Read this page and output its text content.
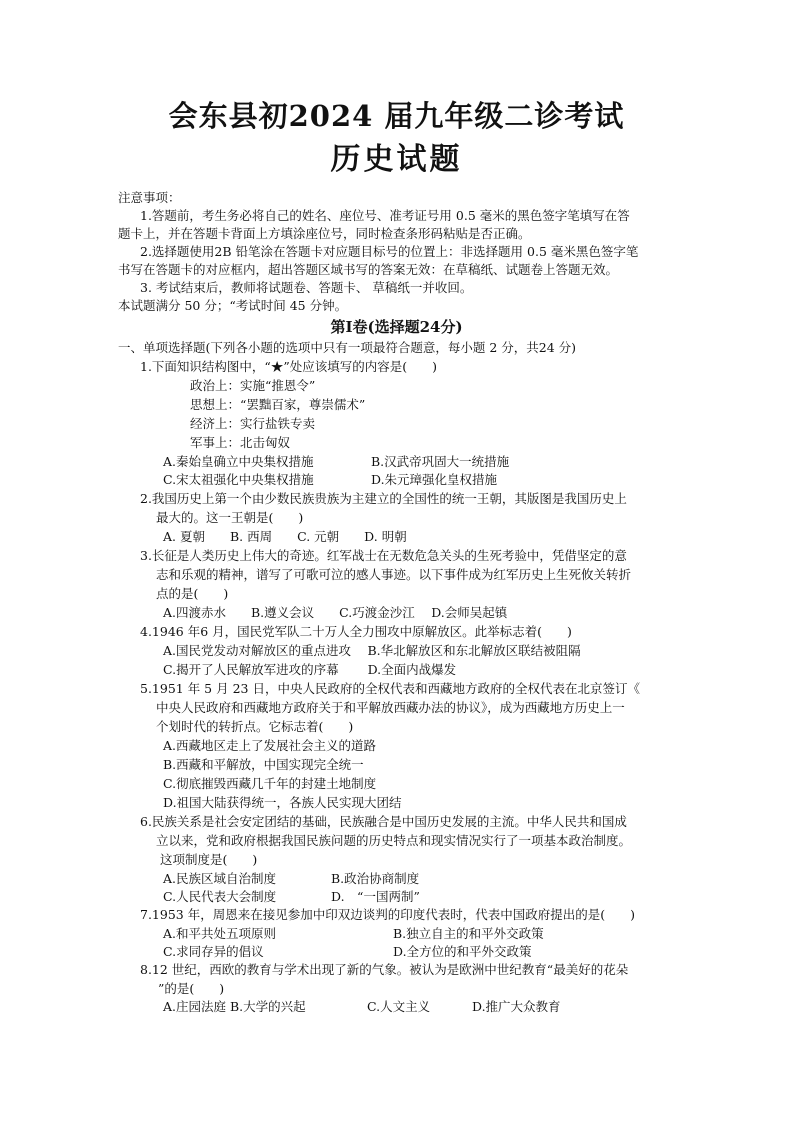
会东县初2024 届九年级二诊考试
历史试题
注意事项：
1.答题前，考生务必将自己的姓名、座位号、准考证号用 0.5 毫米的黑色签字笔填写在答
题卡上，并在答题卡背面上方填涂座位号，同时检查条形码粘贴是否正确。
2.选择题使用2B 铅笔涂在答题卡对应题目标号的位置上：非选择题用 0.5 毫米黑色签字笔
书写在答题卡的对应框内，超出答题区域书写的答案无效：在草稿纸、试题卷上答题无效。
3. 考试结束后，教师将试题卷、答题卡、 草稿纸一并收回。
本试题满分 50 分；“考试时间 45 分钟。
第Ⅰ卷(选择题24分)
一、单项选择题(下列各小题的选项中只有一项最符合题意，每小题 2 分，共24 分)
1.下面知识结构图中，“★”处应该填写的内容是(　　)
政治上：实施“推恩令”
思想上：“罢黜百家，尊崇儒术”
经济上：实行盐铁专卖
军事上：北击匈奴
A.秦始皇确立中央集权措施	B.汉武帝巩固大一统措施
C.宋太祖强化中央集权措施	D.朱元璋强化皇权措施
2.我国历史上第一个由少数民族贵族为主建立的全国性的统一王朝，其版图是我国历史上
最大的。这一王朝是(　　)
A. 夏朝　　B. 西周　　C. 元朝　　D. 明朝
3.长征是人类历史上伟大的奇迹。红军战士在无数危急关头的生死考验中，凭借坚定的意
志和乐观的精神，谱写了可歌可泣的感人事迹。以下事件成为红军历史上生死攸关转折
点的是(　　)
A.四渡赤水　　B.遵义会议　　C.巧渡金沙江　 D.会师吴起镇
4.1946 年6 月，国民党军队二十万人全力围攻中原解放区。此举标志着(　　)
A.国民党发动对解放区的重点进攻　 B.华北解放区和东北解放区联结被阻隔
C.揭开了人民解放军进攻的序幕　　 D.全面内战爆发
5.1951 年 5 月 23 日，中央人民政府的全权代表和西藏地方政府的全权代表在北京签订《
中央人民政府和西藏地方政府关于和平解放西藏办法的协议》，成为西藏地方历史上一
个划时代的转折点。它标志着(　　)
A.西藏地区走上了发展社会主义的道路
B.西藏和平解放，中国实现完全统一
C.彻底摧毁西藏几千年的封建土地制度
D.祖国大陆获得统一，各族人民实现大团结
6.民族关系是社会安定团结的基础，民族融合是中国历史发展的主流。中华人民共和国成
立以来，党和政府根据我国民族问题的历史特点和现实情况实行了一项基本政治制度。
这项制度是(　　)
A.民族区域自治制度	B.政治协商制度
C.人民代表大会制度	D.　“一国两制”
7.1953 年，周恩来在接见参加中印双边谈判的印度代表时，代表中国政府提出的是(　　)
A.和平共处五项原则	B.独立自主的和平外交政策
C.求同存异的倡议	D.全方位的和平外交政策
8.12 世纪，西欧的教育与学术出现了新的气象。被认为是欧洲中世纪教育“最美好的花朵
”的是(　　)
A.庄园法庭 B.大学的兴起	C.人文主义	D.推广大众教育
